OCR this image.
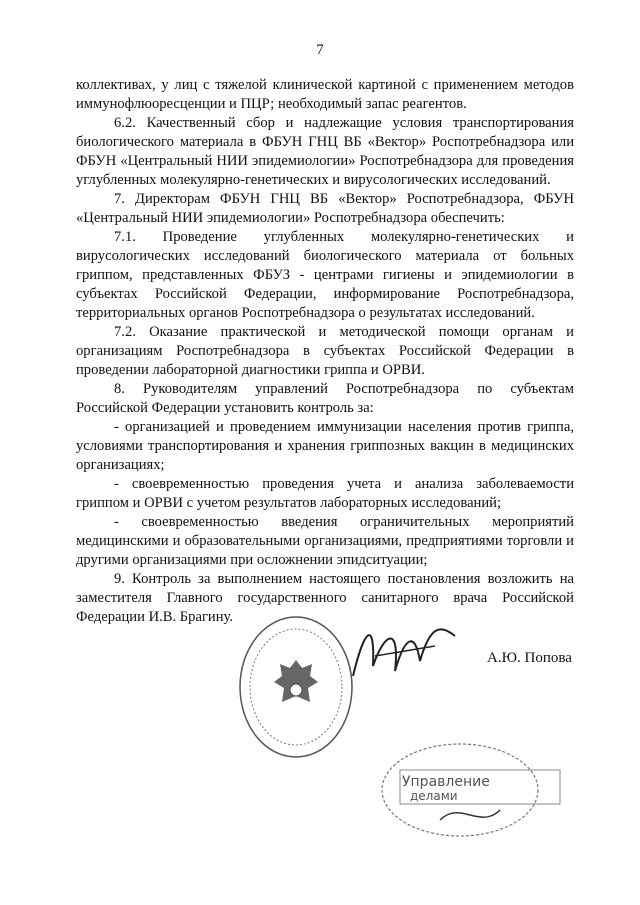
7

коллективах, у лиц с тяжелой клинической картиной с применением методов иммунофлюоресценции и ПЦР; необходимый запас реагентов.

6.2. Качественный сбор и надлежащие условия транспортирования биологического материала в ФБУН ГНЦ ВБ «Вектор» Роспотребнадзора или ФБУН «Центральный НИИ эпидемиологии» Роспотребнадзора для проведения углубленных молекулярно-генетических и вирусологических исследований.

7. Директорам ФБУН ГНЦ ВБ «Вектор» Роспотребнадзора, ФБУН «Центральный НИИ эпидемиологии» Роспотребнадзора обеспечить:

7.1. Проведение углубленных молекулярно-генетических и вирусологических исследований биологического материала от больных гриппом, представленных ФБУЗ - центрами гигиены и эпидемиологии в субъектах Российской Федерации, информирование Роспотребнадзора, территориальных органов Роспотребнадзора о результатах исследований.

7.2. Оказание практической и методической помощи органам и организациям Роспотребнадзора в субъектах Российской Федерации в проведении лабораторной диагностики гриппа и ОРВИ.

8. Руководителям управлений Роспотребнадзора по субъектам Российской Федерации установить контроль за:

- организацией и проведением иммунизации населения против гриппа, условиями транспортирования и хранения гриппозных вакцин в медицинских организациях;

- своевременностью проведения учета и анализа заболеваемости гриппом и ОРВИ с учетом результатов лабораторных исследований;

- своевременностью введения ограничительных мероприятий медицинскими и образовательными организациями, предприятиями торговли и другими организациями при осложнении эпидситуации;

9. Контроль за выполнением настоящего постановления возложить на заместителя Главного государственного санитарного врача Российской Федерации И.В. Брагину.

А.Ю. Попова
Управление
делами
